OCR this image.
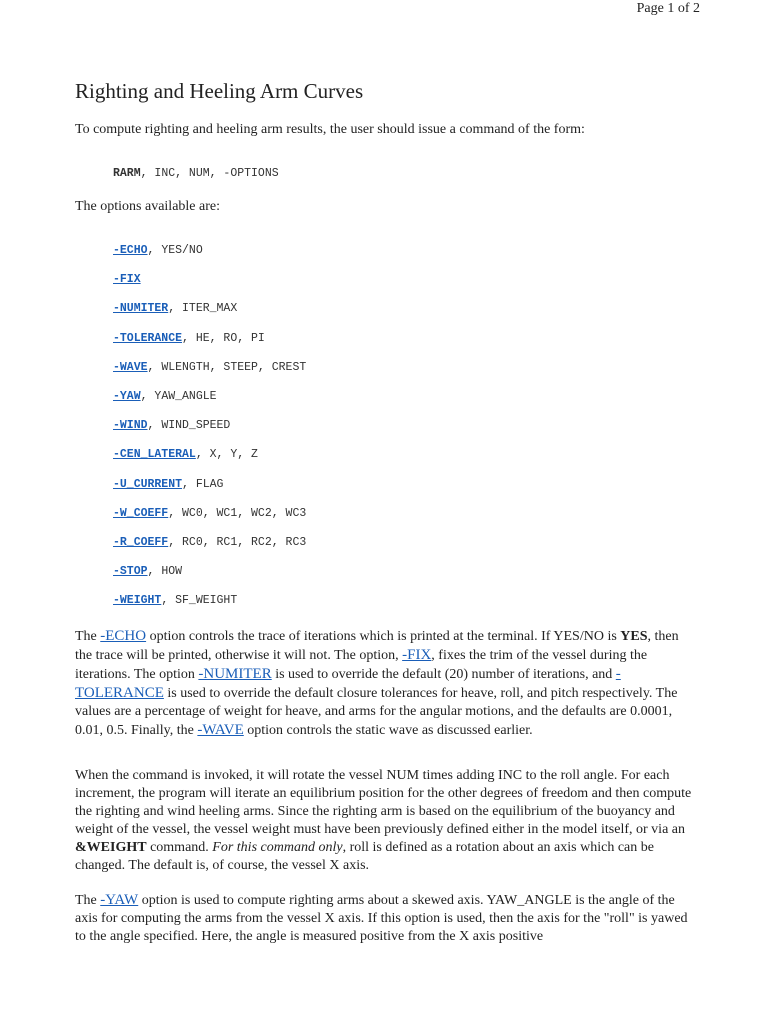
Page 1 of 2
Righting and Heeling Arm Curves

To compute righting and heeling arm results, the user should issue a command of the form:

RARM, INC, NUM, -OPTIONS

The options available are:

-ECHO, YES/NO
-FIX
-NUMITER, ITER_MAX
-TOLERANCE, HE, RO, PI
-WAVE, WLENGTH, STEEP, CREST
-YAW, YAW_ANGLE
-WIND, WIND_SPEED
-CEN_LATERAL, X, Y, Z
-U_CURRENT, FLAG
-W_COEFF, WC0, WC1, WC2, WC3
-R_COEFF, RC0, RC1, RC2, RC3
-STOP, HOW
-WEIGHT, SF_WEIGHT

The -ECHO option controls the trace of iterations which is printed at the terminal. If YES/NO is YES, then the trace will be printed, otherwise it will not. The option, -FIX, fixes the trim of the vessel during the iterations. The option -NUMITER is used to override the default (20) number of iterations, and -TOLERANCE is used to override the default closure tolerances for heave, roll, and pitch respectively. The values are a percentage of weight for heave, and arms for the angular motions, and the defaults are 0.0001, 0.01, 0.5. Finally, the -WAVE option controls the static wave as discussed earlier.

When the command is invoked, it will rotate the vessel NUM times adding INC to the roll angle. For each increment, the program will iterate an equilibrium position for the other degrees of freedom and then compute the righting and wind heeling arms. Since the righting arm is based on the equilibrium of the buoyancy and weight of the vessel, the vessel weight must have been previously defined either in the model itself, or via an &WEIGHT command. For this command only, roll is defined as a rotation about an axis which can be changed. The default is, of course, the vessel X axis.

The -YAW option is used to compute righting arms about a skewed axis. YAW_ANGLE is the angle of the axis for computing the arms from the vessel X axis. If this option is used, then the axis for the "roll" is yawed to the angle specified. Here, the angle is measured positive from the X axis positive
